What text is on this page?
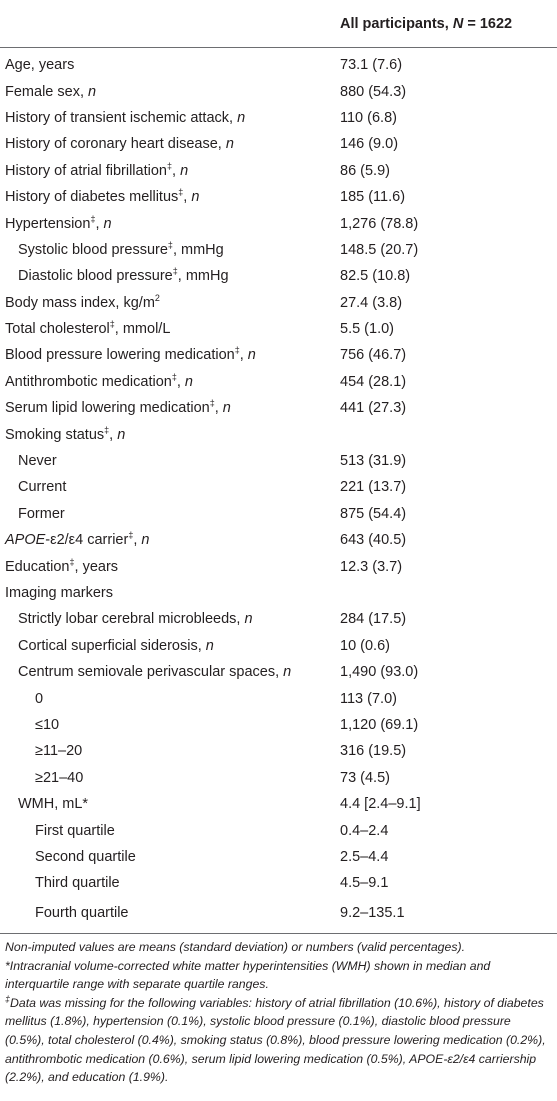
	All participants, N = 1622
Age, years	73.1 (7.6)
Female sex, n	880 (54.3)
History of transient ischemic attack, n	110 (6.8)
History of coronary heart disease, n	146 (9.0)
History of atrial fibrillation‡, n	86 (5.9)
History of diabetes mellitus‡, n	185 (11.6)
Hypertension‡, n	1,276 (78.8)
Systolic blood pressure‡, mmHg	148.5 (20.7)
Diastolic blood pressure‡, mmHg	82.5 (10.8)
Body mass index, $kg/m^2$	27.4 (3.8)
Total cholesterol‡, mmol/L	5.5 (1.0)
Blood pressure lowering medication‡, n	756 (46.7)
Antithrombotic medication‡, n	454 (28.1)
Serum lipid lowering medication‡, n	441 (27.3)
Smoking status‡, n	
Never	513 (31.9)
Current	221 (13.7)
Former	875 (54.4)
APOE-ε2/ε4 carrier‡, n	643 (40.5)
Education‡, years	12.3 (3.7)
Imaging markers	
Strictly lobar cerebral microbleeds, n	284 (17.5)
Cortical superficial siderosis, n	10 (0.6)
Centrum semiovale perivascular spaces, n	1,490 (93.0)
0	113 (7.0)
≤10	1,120 (69.1)
≥11–20	316 (19.5)
≥21–40	73 (4.5)
WMH, mL*	4.4 [2.4–9.1]
First quartile	0.4–2.4
Second quartile	2.5–4.4
Third quartile	4.5–9.1
Fourth quartile	9.2–135.1

Non-imputed values are means (standard deviation) or numbers (valid percentages).

*Intracranial volume-corrected white matter hyperintensities (WMH) shown in median and interquartile range with separate quartile ranges.

‡Data was missing for the following variables: history of atrial fibrillation (10.6%), history of diabetes mellitus (1.8%), hypertension (0.1%), systolic blood pressure (0.1%), diastolic blood pressure (0.5%), total cholesterol (0.4%), smoking status (0.8%), blood pressure lowering medication (0.2%), antithrombotic medication (0.6%), serum lipid lowering medication (0.5%), APOE-ε2/ε4 carriership (2.2%), and education (1.9%).
